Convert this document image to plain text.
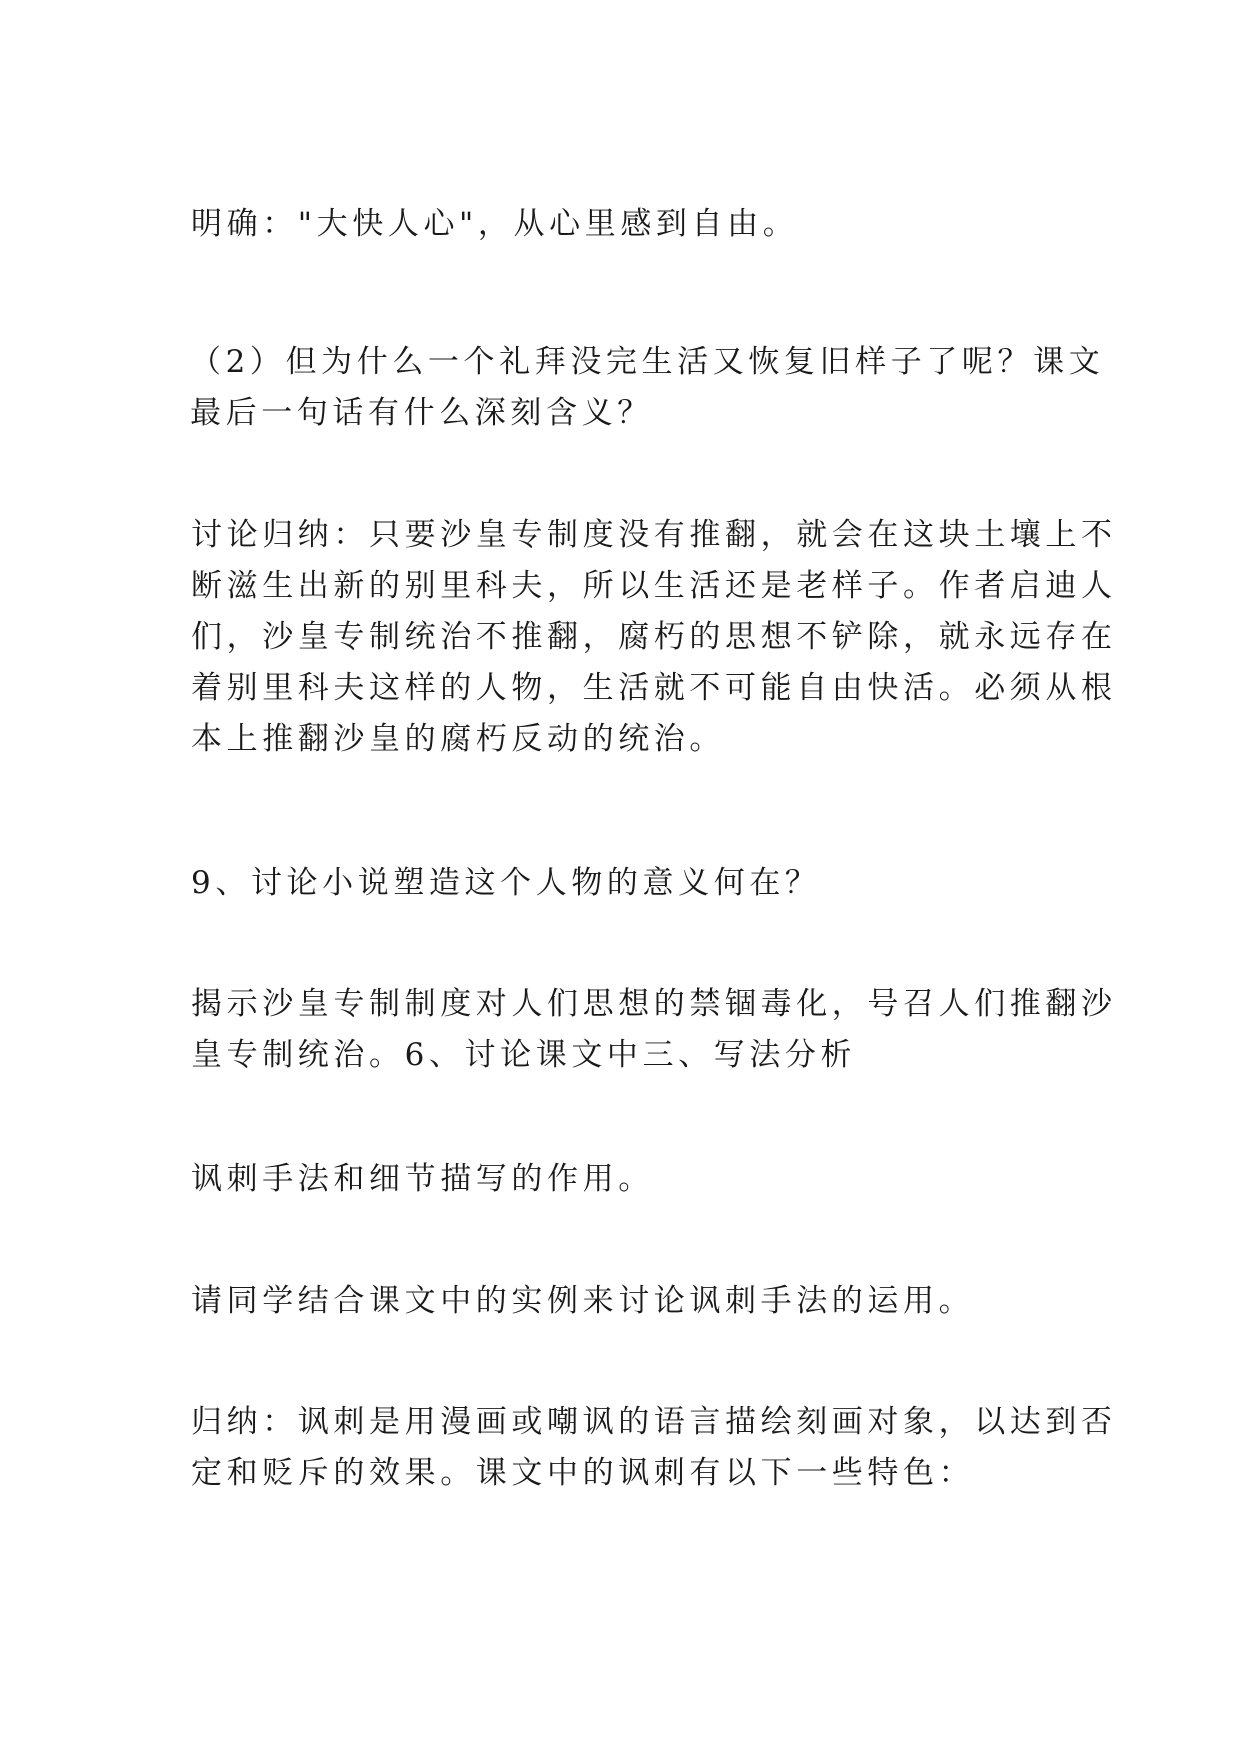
明确："大快人心"，从心里感到自由。
（2）但为什么一个礼拜没完生活又恢复旧样子了呢？课文
最后一句话有什么深刻含义？
讨论归纳：只要沙皇专制度没有推翻，就会在这块土壤上不
断滋生出新的别里科夫，所以生活还是老样子。作者启迪人
们，沙皇专制统治不推翻，腐朽的思想不铲除，就永远存在
着别里科夫这样的人物，生活就不可能自由快活。必须从根
本上推翻沙皇的腐朽反动的统治。
9、讨论小说塑造这个人物的意义何在？
揭示沙皇专制制度对人们思想的禁锢毒化，号召人们推翻沙
皇专制统治。6、讨论课文中三、写法分析
讽刺手法和细节描写的作用。
请同学结合课文中的实例来讨论讽刺手法的运用。
归纳：讽刺是用漫画或嘲讽的语言描绘刻画对象，以达到否
定和贬斥的效果。课文中的讽刺有以下一些特色：
